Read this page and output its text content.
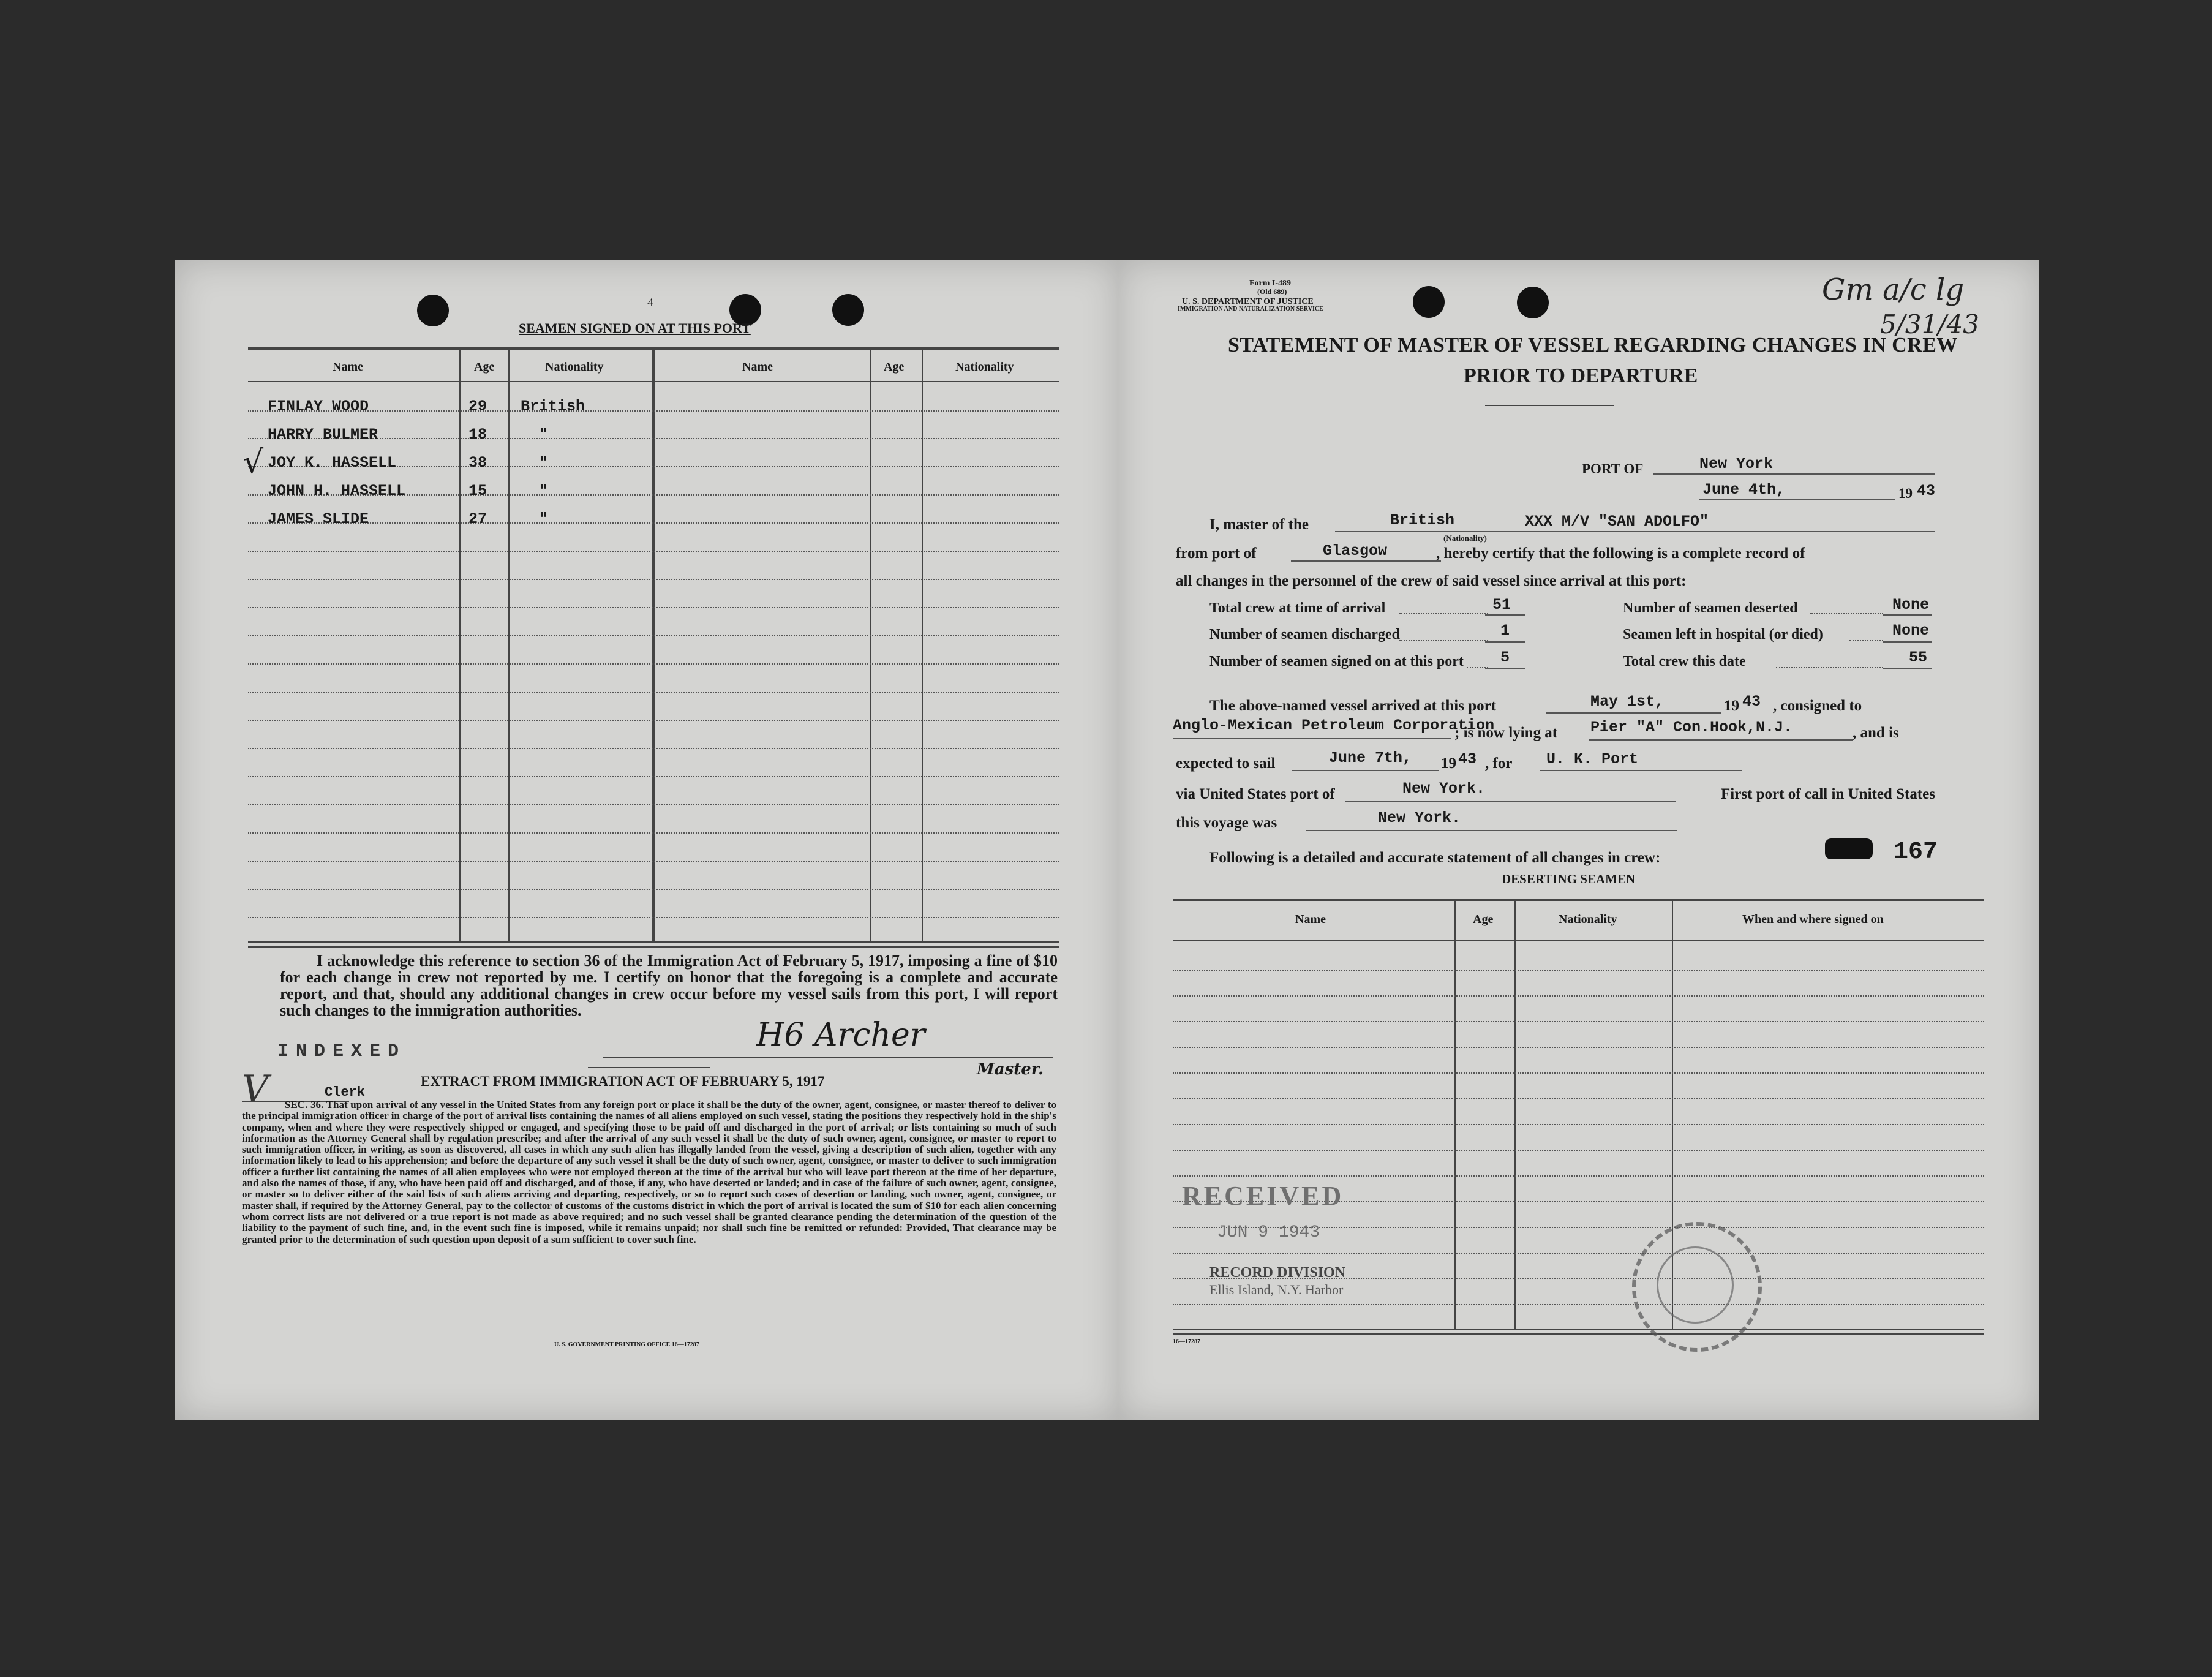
4
SEAMEN SIGNED ON AT THIS PORT
Name	Age	Nationality	Name	Age	Nationality
FINLAY WOOD	29 British
HARRY BULMER	18	"
√ JOY K. HASSELL	38	"
JOHN H. HASSELL	15	"
JAMES SLIDE	27	"
I acknowledge this reference to section 36 of the Immigration Act of February 5, 1917, imposing a fine of $10 for each change in crew not reported by me. I certify on honor that the foregoing is a complete and accurate report, and that, should any additional changes in crew occur before my vessel sails from this port, I will report such changes to the immigration authorities.
H6 Archer
Master.
INDEXED
V	Clerk
EXTRACT FROM IMMIGRATION ACT OF FEBRUARY 5, 1917
SEC. 36. That upon arrival of any vessel in the United States from any foreign port or place it shall be the duty of the owner, agent, consignee, or master thereof to deliver to the principal immigration officer in charge of the port of arrival lists containing the names of all aliens employed on such vessel, stating the positions they respectively hold in the ship's company, when and where they were respectively shipped or engaged, and specifying those to be paid off and discharged in the port of arrival; or lists containing so much of such information as the Attorney General shall by regulation prescribe; and after the arrival of any such vessel it shall be the duty of such owner, agent, consignee, or master to report to such immigration officer, in writing, as soon as discovered, all cases in which any such alien has illegally landed from the vessel, giving a description of such alien, together with any information likely to lead to his apprehension; and before the departure of any such vessel it shall be the duty of such owner, agent, consignee, or master to deliver to such immigration officer a further list containing the names of all alien employees who were not employed thereon at the time of the arrival but who will leave port thereon at the time of her departure, and also the names of those, if any, who have been paid off and discharged, and of those, if any, who have deserted or landed; and in case of the failure of such owner, agent, consignee, or master so to deliver either of the said lists of such aliens arriving and departing, respectively, or so to report such cases of desertion or landing, such owner, agent, consignee, or master shall, if required by the Attorney General, pay to the collector of customs of the customs district in which the port of arrival is located the sum of $10 for each alien concerning whom correct lists are not delivered or a true report is not made as above required; and no such vessel shall be granted clearance pending the determination of the question of the liability to the payment of such fine, and, in the event such fine is imposed, while it remains unpaid; nor shall such fine be remitted or refunded: Provided, That clearance may be granted prior to the determination of such question upon deposit of a sum sufficient to cover such fine.
U. S. GOVERNMENT PRINTING OFFICE 16—17287
Form I-489
(Old 689)
U. S. DEPARTMENT OF JUSTICE
IMMIGRATION AND NATURALIZATION SERVICE
Gm a/c lg
5/31/43
STATEMENT OF MASTER OF VESSEL REGARDING CHANGES IN CREW
PRIOR TO DEPARTURE
PORT OF	New York
June 4th,	19 43
I, master of the	British
(Nationality)
XXX M/V "SAN ADOLFO"
from port of	Glasgow	, hereby certify that the following is a complete record of
all changes in the personnel of the crew of said vessel since arrival at this port:
Total crew at time of arrival	51
Number of seamen discharged	1
Number of seamen signed on at this port 5
Number of seamen deserted	None
Seamen left in hospital (or died)	None
Total crew this date	55
The above-named vessel arrived at this port	May 1st,	19 43 , consigned to
Anglo-Mexican Petroleum Corporation
; is now lying at Pier "A" Con.Hook,N.J.	, and is
expected to sail	June 7th, 19 43 , for U. K. Port
via United States port of	New York.	First port of call in United States
this voyage was	New York.
Following is a detailed and accurate statement of all changes in crew:	167
DESERTING SEAMEN
Name	Age	Nationality	When and where signed on
RECEIVED
JUN 9 1943
RECORD DIVISION
Ellis Island, N.Y. Harbor
16—17287
